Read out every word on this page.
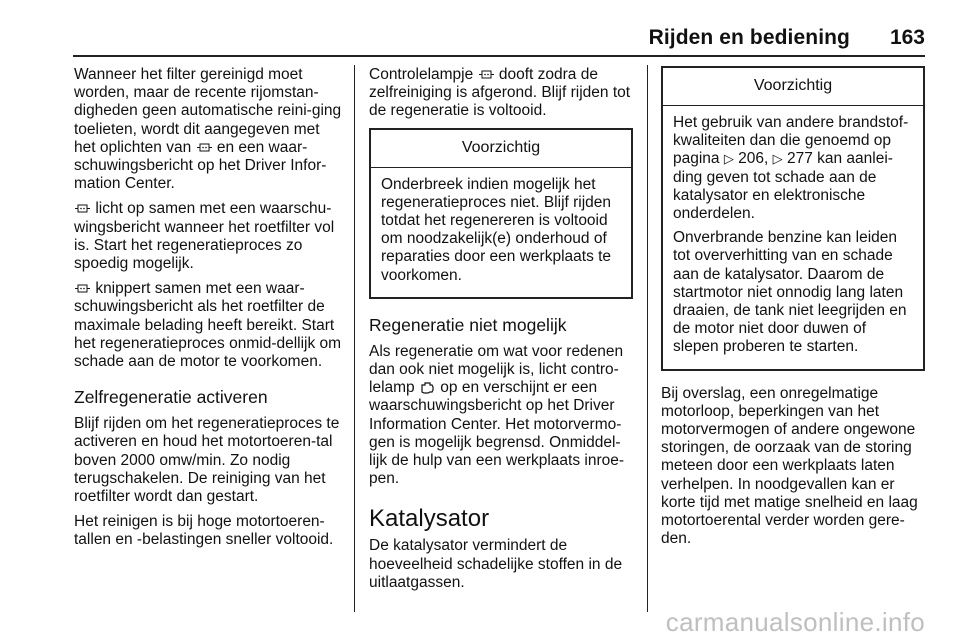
Rijden en bediening 163

Wanneer het filter gereinigd moet worden, maar de recente rijomstan-digheden geen automatische reini-ging toelieten, wordt dit aangegeven met het oplichten van en een waar-schuwingsbericht op het Driver Infor-mation Center.

licht op samen met een waarschu-wingsbericht wanneer het roetfilter vol is. Start het regeneratieproces zo spoedig mogelijk.

knippert samen met een waar-schuwingsbericht als het roetfilter de maximale belading heeft bereikt. Start het regeneratieproces onmid-dellijk om schade aan de motor te voorkomen.

Zelfregeneratie activeren

Blijf rijden om het regeneratieproces te activeren en houd het motortoeren-tal boven 2000 omw/min. Zo nodig terugschakelen. De reiniging van het roetfilter wordt dan gestart.

Het reinigen is bij hoge motortoeren-tallen en -belastingen sneller voltooid.

Controlelampje dooft zodra de zelfreiniging is afgerond. Blijf rijden tot de regeneratie is voltooid.

Voorzichtig

Onderbreek indien mogelijk het regeneratieproces niet. Blijf rijden totdat het regenereren is voltooid om noodzakelijk(e) onderhoud of reparaties door een werkplaats te voorkomen.

Regeneratie niet mogelijk

Als regeneratie om wat voor redenen dan ook niet mogelijk is, licht contro-lelamp op en verschijnt er een waarschuwingsbericht op het Driver Information Center. Het motorvermo-gen is mogelijk begrensd. Onmiddel-lijk de hulp van een werkplaats inroe-pen.

Katalysator

De katalysator vermindert de hoeveelheid schadelijke stoffen in de uitlaatgassen.

Voorzichtig

Het gebruik van andere brandstof-kwaliteiten dan die genoemd op pagina ▷ 206, ▷ 277 kan aanlei-ding geven tot schade aan de katalysator en elektronische onderdelen.

Onverbrande benzine kan leiden tot oververhitting van en schade aan de katalysator. Daarom de startmotor niet onnodig lang laten draaien, de tank niet leegrijden en de motor niet door duwen of slepen proberen te starten.

Bij overslag, een onregelmatige motorloop, beperkingen van het motorvermogen of andere ongewone storingen, de oorzaak van de storing meteen door een werkplaats laten verhelpen. In noodgevallen kan er korte tijd met matige snelheid en laag motortoerental verder worden gere-den.

carmanualsonline.info
